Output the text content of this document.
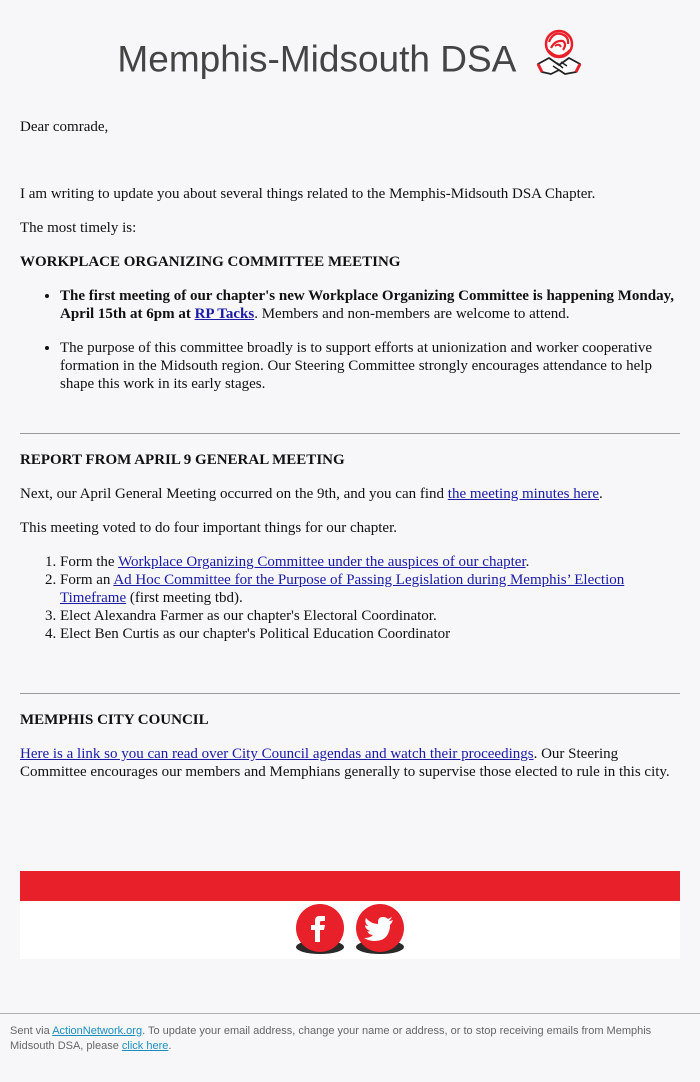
Memphis-Midsouth DSA

Dear comrade,

I am writing to update you about several things related to the Memphis-Midsouth DSA Chapter.

The most timely is:

WORKPLACE ORGANIZING COMMITTEE MEETING
• The first meeting of our chapter's new Workplace Organizing Committee is happening Monday, April 15th at 6pm at RP Tacks. Members and non-members are welcome to attend.
• The purpose of this committee broadly is to support efforts at unionization and worker cooperative formation in the Midsouth region. Our Steering Committee strongly encourages attendance to help shape this work in its early stages.
REPORT FROM APRIL 9 GENERAL MEETING

Next, our April General Meeting occurred on the 9th, and you can find the meeting minutes here.

This meeting voted to do four important things for our chapter.

1. Form the Workplace Organizing Committee under the auspices of our chapter.
2. Form an Ad Hoc Committee for the Purpose of Passing Legislation during Memphis’ Election Timeframe (first meeting tbd).
3. Elect Alexandra Farmer as our chapter's Electoral Coordinator.
4. Elect Ben Curtis as our chapter's Political Education Coordinator
MEMPHIS CITY COUNCIL

Here is a link so you can read over City Council agendas and watch their proceedings. Our Steering Committee encourages our members and Memphians generally to supervise those elected to rule in this city.

Sent via ActionNetwork.org. To update your email address, change your name or address, or to stop receiving emails from Memphis Midsouth DSA, please click here.
